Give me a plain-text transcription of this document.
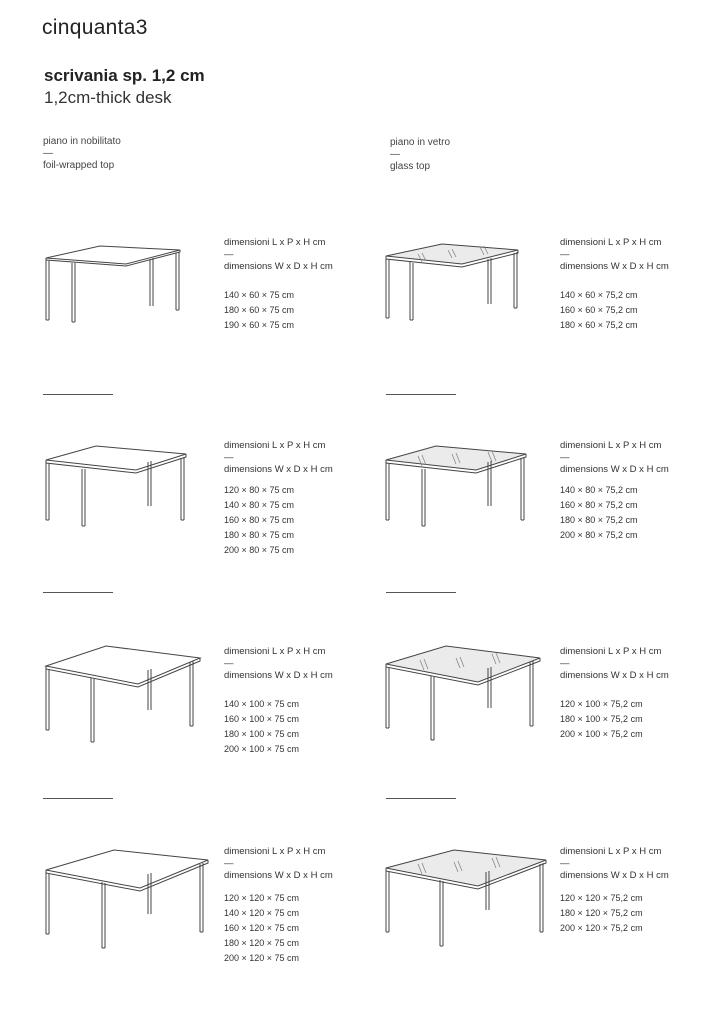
cinquanta3
scrivania sp. 1,2 cm
1,2cm-thick desk
piano in nobilitato
—
foil-wrapped top
piano in vetro
—
glass top
dimensioni L x P x H cm
—
dimensions W x D x H cm
140 × 60 × 75 cm
180 × 60 × 75 cm
190 × 60 × 75 cm
dimensioni L x P x H cm
—
dimensions W x D x H cm
140 × 60 × 75,2 cm
160 × 60 × 75,2 cm
180 × 60 × 75,2 cm
dimensioni L x P x H cm
—
dimensions W x D x H cm
120 × 80 × 75 cm
140 × 80 × 75 cm
160 × 80 × 75 cm
180 × 80 × 75 cm
200 × 80 × 75 cm
dimensioni L x P x H cm
—
dimensions W x D x H cm
140 × 80 × 75,2 cm
160 × 80 × 75,2 cm
180 × 80 × 75,2 cm
200 × 80 × 75,2 cm
dimensioni L x P x H cm
—
dimensions W x D x H cm
140 × 100 × 75 cm
160 × 100 × 75 cm
180 × 100 × 75 cm
200 × 100 × 75 cm
dimensioni L x P x H cm
—
dimensions W x D x H cm
120 × 100 × 75,2 cm
180 × 100 × 75,2 cm
200 × 100 × 75,2 cm
dimensioni L x P x H cm
—
dimensions W x D x H cm
120 × 120 × 75 cm
140 × 120 × 75 cm
160 × 120 × 75 cm
180 × 120 × 75 cm
200 × 120 × 75 cm
dimensioni L x P x H cm
—
dimensions W x D x H cm
120 × 120 × 75,2 cm
180 × 120 × 75,2 cm
200 × 120 × 75,2 cm
